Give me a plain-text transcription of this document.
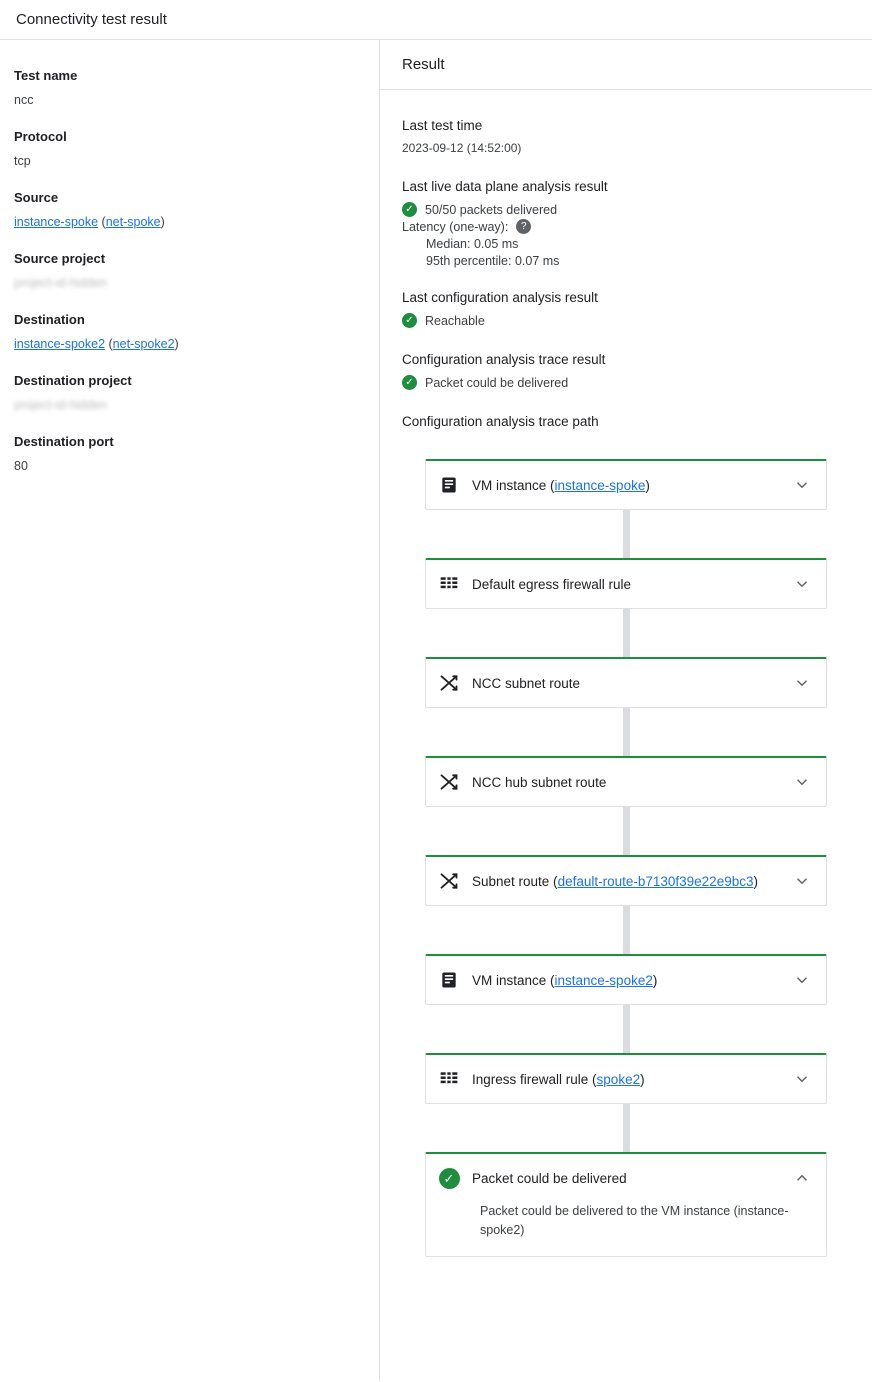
Connectivity test result
Test name
ncc
Protocol
tcp
Source
instance-spoke (net-spoke)
Source project
project-id-hidden
Destination
instance-spoke2 (net-spoke2)
Destination project
project-id-hidden
Destination port
80
Result
Last test time
2023-09-12 (14:52:00)
Last live data plane analysis result
✓ 50/50 packets delivered
Latency (one-way):	?
Median: 0.05 ms
95th percentile: 0.07 ms
Last configuration analysis result
✓ Reachable
Configuration analysis trace result
✓ Packet could be delivered
Configuration analysis trace path
VM instance (instance-spoke)
Default egress firewall rule
NCC subnet route
NCC hub subnet route
Subnet route (default-route-b7130f39e22e9bc3)
VM instance (instance-spoke2)
Ingress firewall rule (spoke2)
✓	Packet could be delivered
Packet could be delivered to the VM instance (instance-spoke2)
